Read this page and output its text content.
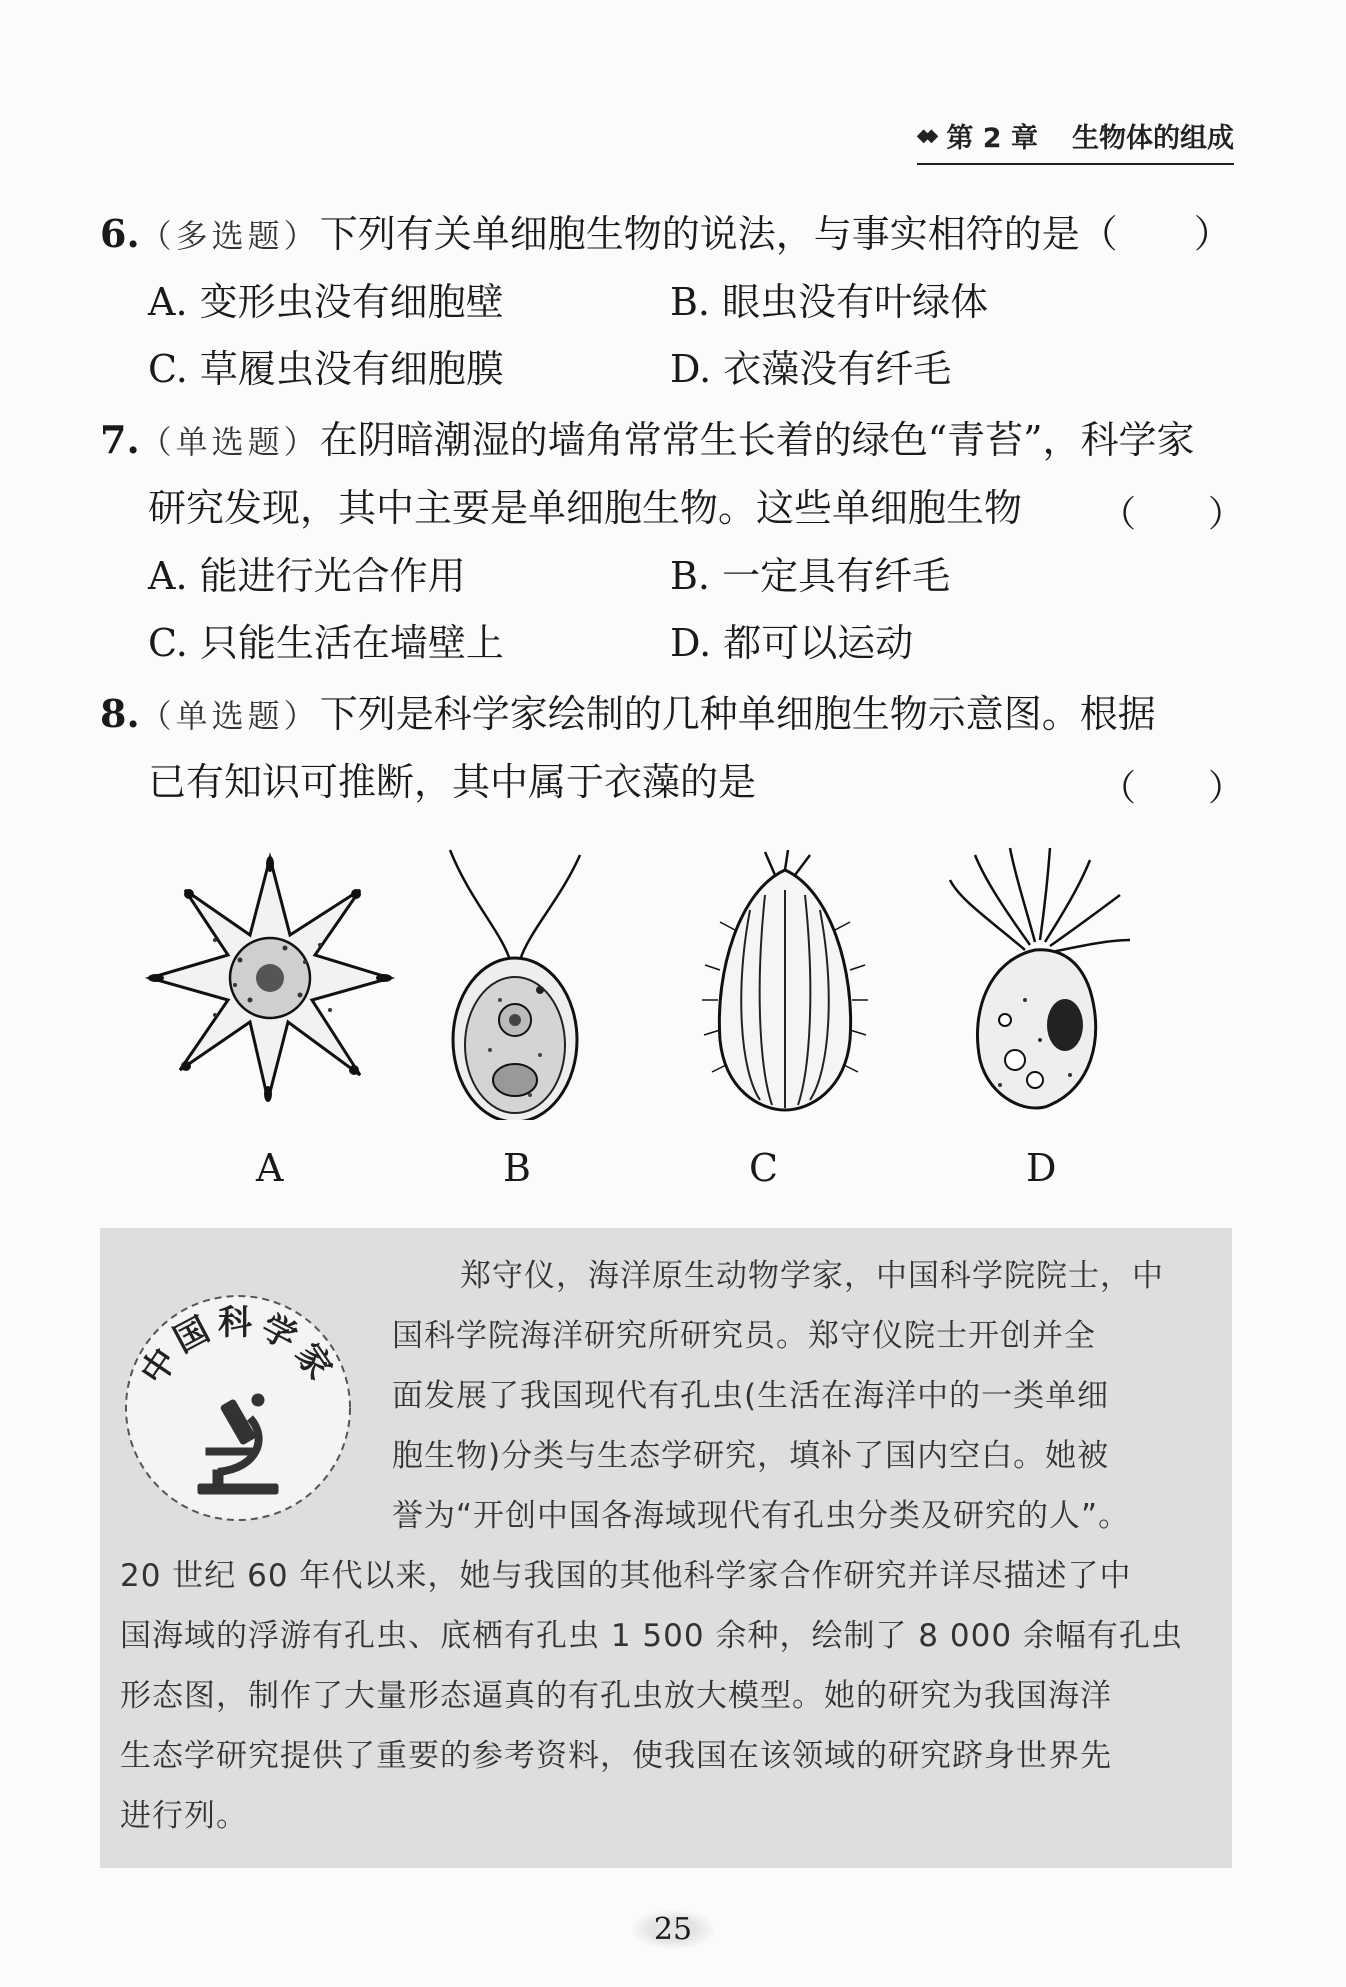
◆◆ 第 2 章 生物体的组成
6.（多选题）下列有关单细胞生物的说法，与事实相符的是（　　）
A. 变形虫没有细胞壁	B. 眼虫没有叶绿体
C. 草履虫没有细胞膜	D. 衣藻没有纤毛
7.（单选题）在阴暗潮湿的墙角常常生长着的绿色“青苔”，科学家
研究发现，其中主要是单细胞生物。这些单细胞生物 （　　）
A. 能进行光合作用	B. 一定具有纤毛
C. 只能生活在墙壁上	D. 都可以运动
8.（单选题）下列是科学家绘制的几种单细胞生物示意图。根据
已有知识可推断，其中属于衣藻的是	（　　）
A	B	C	D
中国科学家
郑守仪，海洋原生动物学家，中国科学院院士，中
国科学院海洋研究所研究员。郑守仪院士开创并全
面发展了我国现代有孔虫(生活在海洋中的一类单细
胞生物)分类与生态学研究，填补了国内空白。她被
誉为“开创中国各海域现代有孔虫分类及研究的人”。
20 世纪 60 年代以来，她与我国的其他科学家合作研究并详尽描述了中
国海域的浮游有孔虫、底栖有孔虫 1 500 余种，绘制了 8 000 余幅有孔虫
形态图，制作了大量形态逼真的有孔虫放大模型。她的研究为我国海洋
生态学研究提供了重要的参考资料，使我国在该领域的研究跻身世界先
进行列。
25
